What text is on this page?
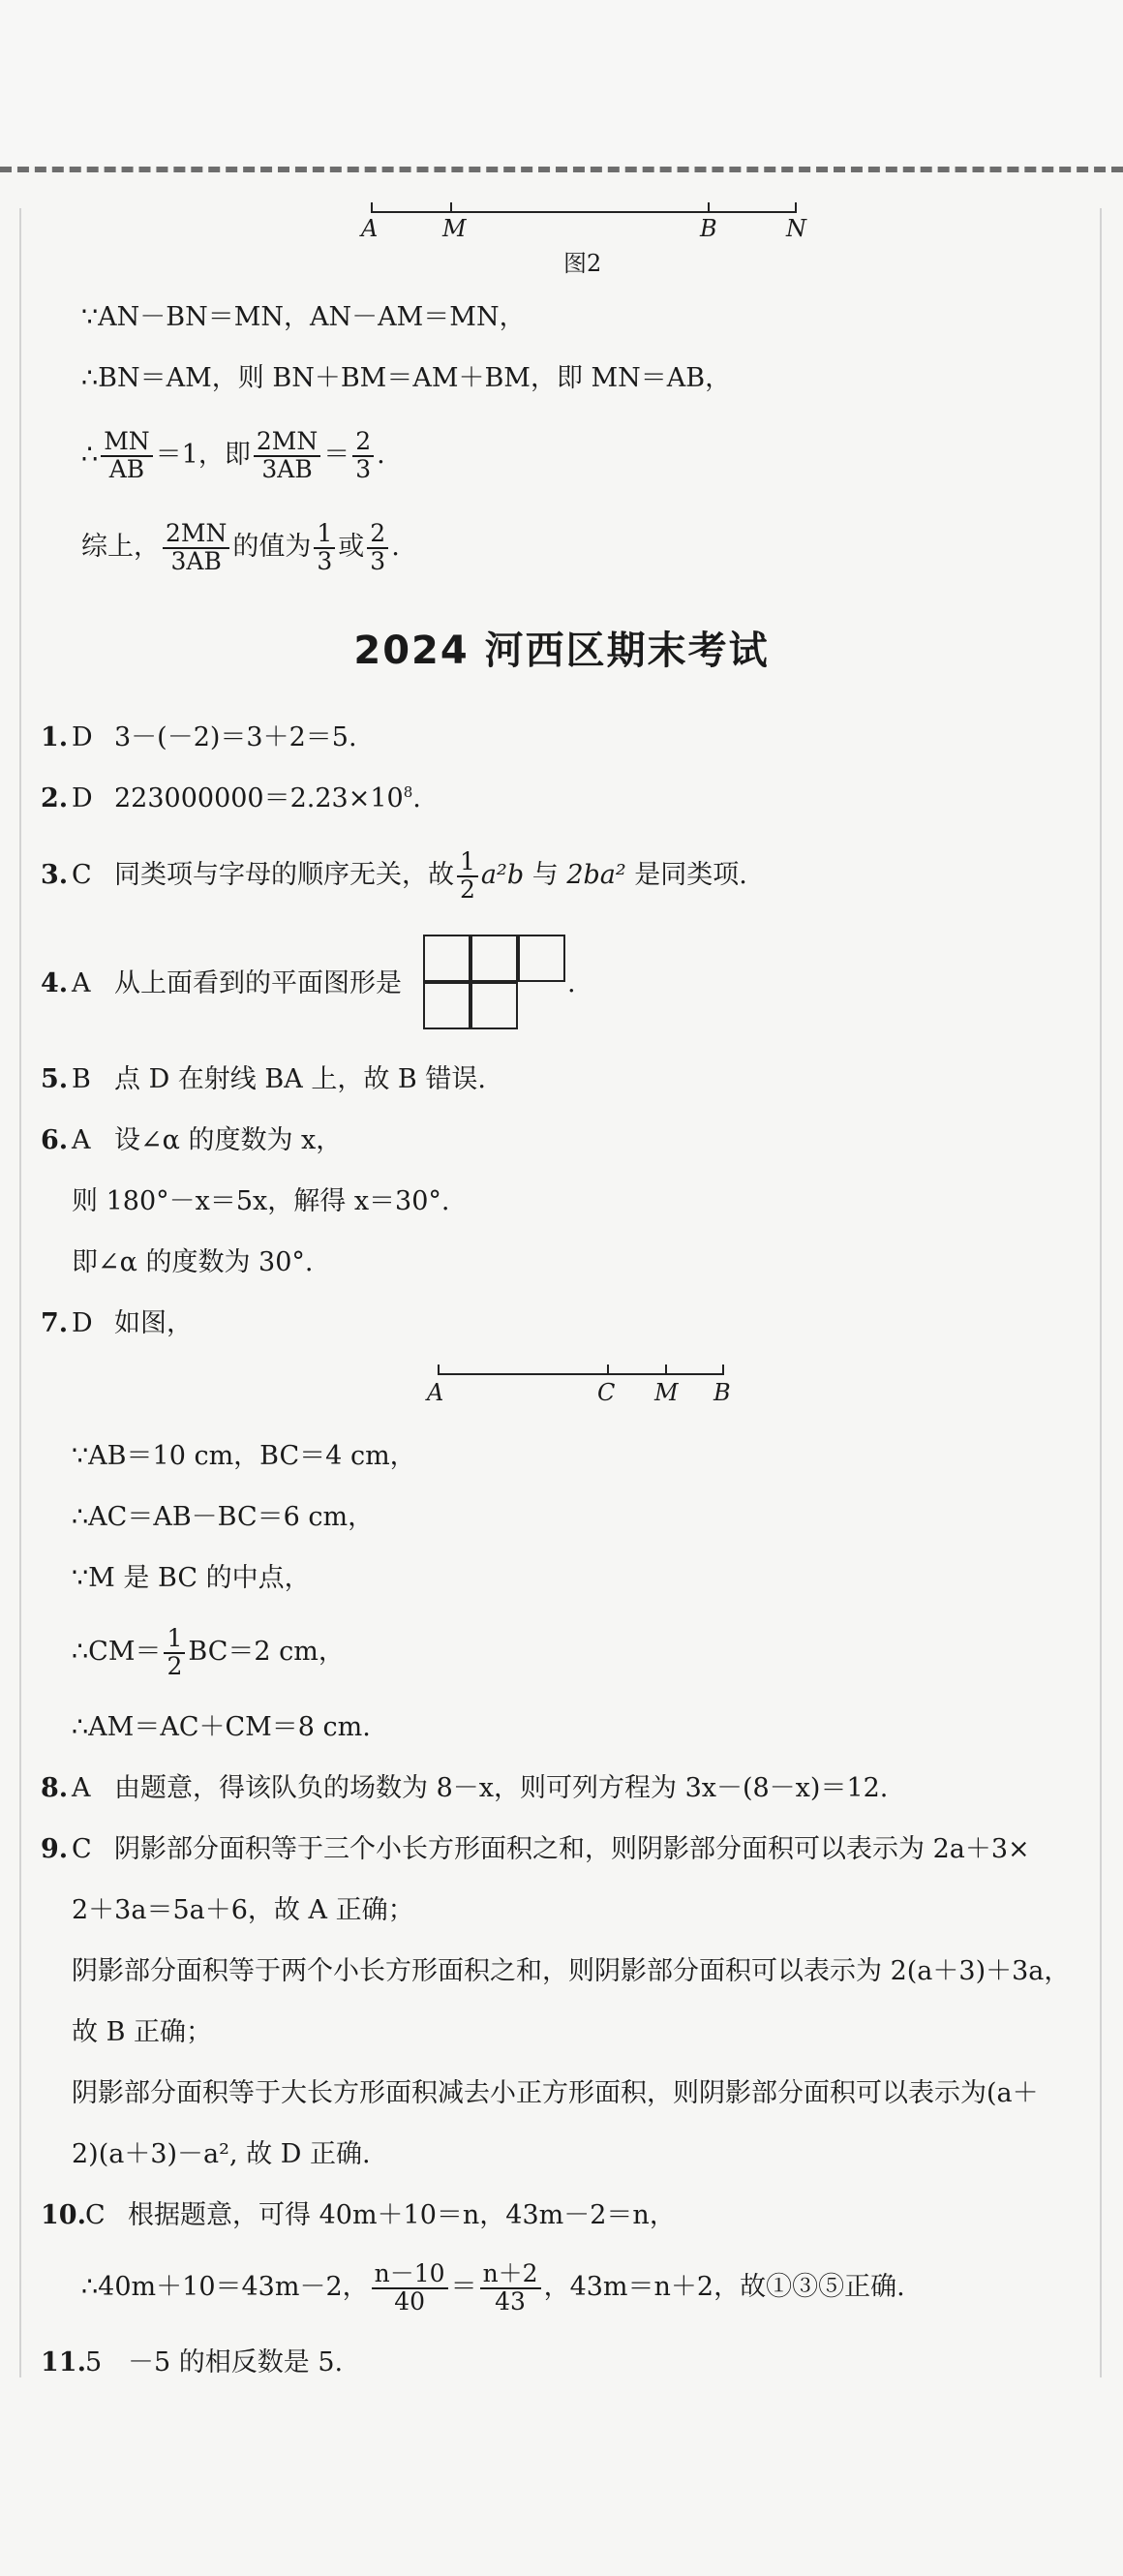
A	M	B	N
图2
∵AN－BN＝MN，AN－AM＝MN，
∴BN＝AM，则 BN＋BM＝AM＋BM，即 MN＝AB，
∴ $\frac{MN}{AB} =1$，即 $\frac{2MN}{3AB} = \frac{2}{3}$ .
综上， $\frac{2MN}{3AB}$ 的值为 $\frac{1}{3}$ 或 $\frac{2}{3}$ .
2024 河西区期末考试
1. D 3－(－2)＝3＋2＝5.
2. D $223000000=2.23\times 10^8$.
3. C 同类项与字母的顺序无关，故 $\frac{1}{2} a^2b$ 与 2ba² 是同类项.
4. A 从上面看到的平面图形是	.
5. B 点 D 在射线 BA 上，故 B 错误.
6. A 设∠α 的度数为 x，
则 180°－x＝5x，解得 x＝30°.
即∠α 的度数为 30°.
7. D 如图，
A	C M B
∵AB＝10 cm，BC＝4 cm，
∴AC＝AB－BC＝6 cm，
∵M 是 BC 的中点，
∴CM＝ $\frac{1}{2} BC=2$ cm，
∴AM＝AC＋CM＝8 cm.
8. A 由题意，得该队负的场数为 8－x，则可列方程为 3x－(8－x)＝12.
9. C 阴影部分面积等于三个小长方形面积之和，则阴影部分面积可以表示为 2a＋3×
2＋3a＝5a＋6，故 A 正确；
阴影部分面积等于两个小长方形面积之和，则阴影部分面积可以表示为 2(a＋3)＋3a，
故 B 正确；
阴影部分面积等于大长方形面积减去小正方形面积，则阴影部分面积可以表示为(a＋
2)(a＋3)－a², 故 D 正确.
10. C 根据题意，可得 40m＋10＝n，43m－2＝n，
∴40m＋10＝43m－2， $\frac{n-10}{40} = \frac{n+2}{43}$ ，43m＝n＋2，故①③⑤正确.
11. 5 －5 的相反数是 5.
